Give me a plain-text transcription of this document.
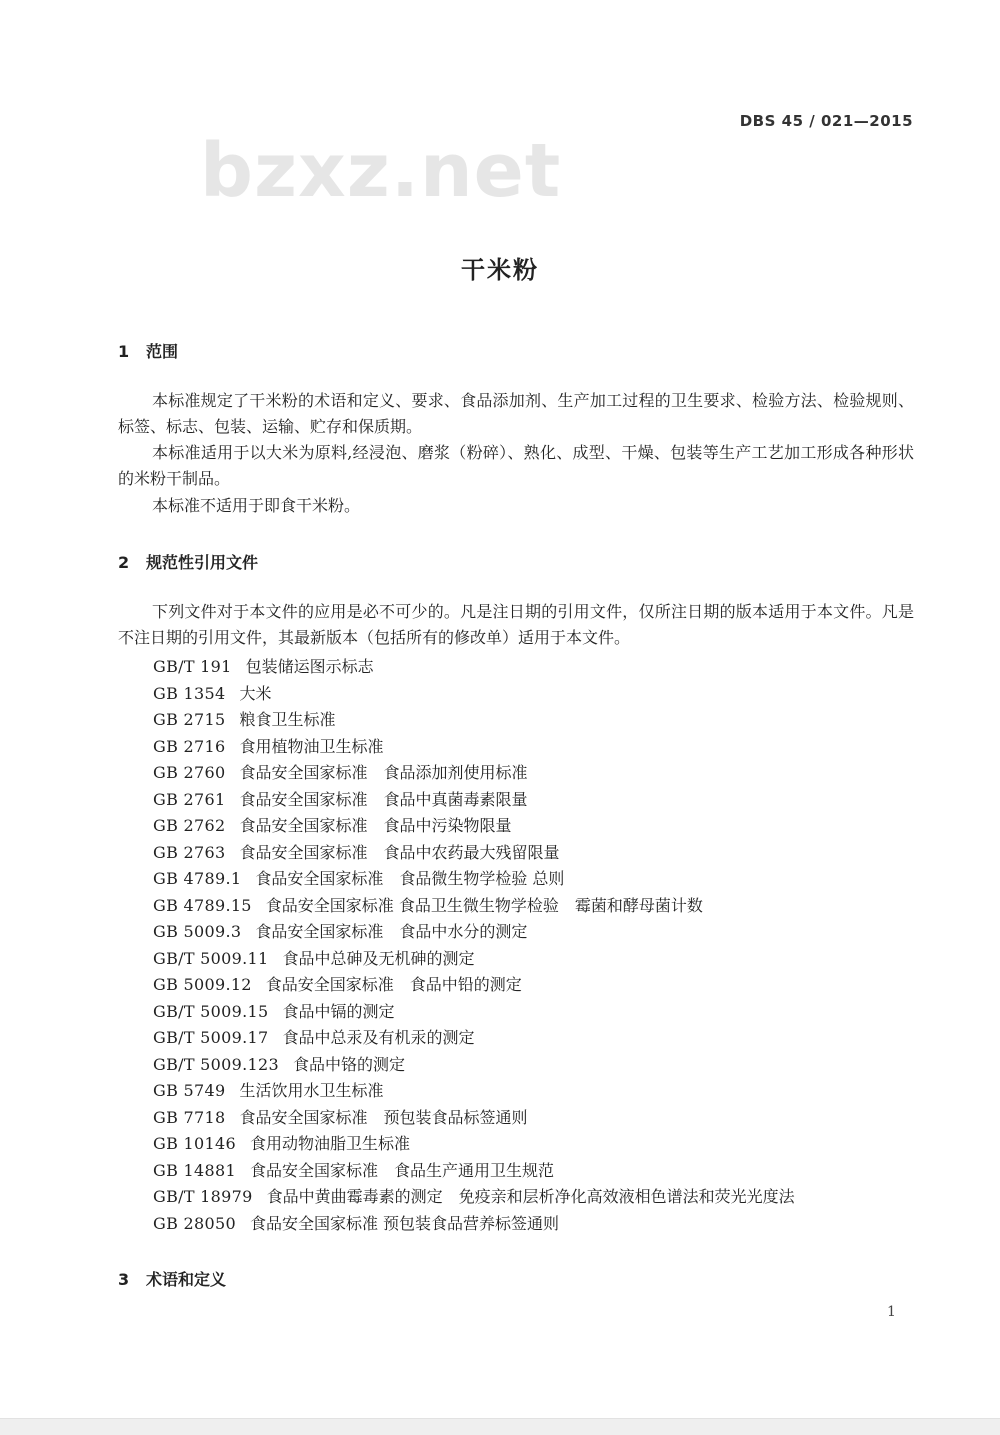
DBS 45 / 021—2015
bzxz.net
干米粉
1 范围

本标准规定了干米粉的术语和定义、要求、食品添加剂、生产加工过程的卫生要求、检验方法、检验规则、标签、标志、包装、运输、贮存和保质期。

本标准适用于以大米为原料,经浸泡、磨浆（粉碎）、熟化、成型、干燥、包装等生产工艺加工形成各种形状的米粉干制品。

本标准不适用于即食干米粉。

2 规范性引用文件

下列文件对于本文件的应用是必不可少的。凡是注日期的引用文件，仅所注日期的版本适用于本文件。凡是不注日期的引用文件，其最新版本（包括所有的修改单）适用于本文件。

GB/T 191 包装储运图示标志
GB 1354 大米
GB 2715 粮食卫生标准
GB 2716 食用植物油卫生标准
GB 2760 食品安全国家标准　食品添加剂使用标准
GB 2761 食品安全国家标准　食品中真菌毒素限量
GB 2762 食品安全国家标准　食品中污染物限量
GB 2763 食品安全国家标准　食品中农药最大残留限量
GB 4789.1 食品安全国家标准　食品微生物学检验 总则
GB 4789.15 食品安全国家标准 食品卫生微生物学检验　霉菌和酵母菌计数
GB 5009.3 食品安全国家标准　食品中水分的测定
GB/T 5009.11 食品中总砷及无机砷的测定
GB 5009.12 食品安全国家标准　食品中铅的测定
GB/T 5009.15 食品中镉的测定
GB/T 5009.17 食品中总汞及有机汞的测定
GB/T 5009.123 食品中铬的测定
GB 5749 生活饮用水卫生标准
GB 7718 食品安全国家标准　预包装食品标签通则
GB 10146 食用动物油脂卫生标准
GB 14881 食品安全国家标准　食品生产通用卫生规范
GB/T 18979 食品中黄曲霉毒素的测定　免疫亲和层析净化高效液相色谱法和荧光光度法
GB 28050 食品安全国家标准 预包装食品营养标签通则
3 术语和定义
1
